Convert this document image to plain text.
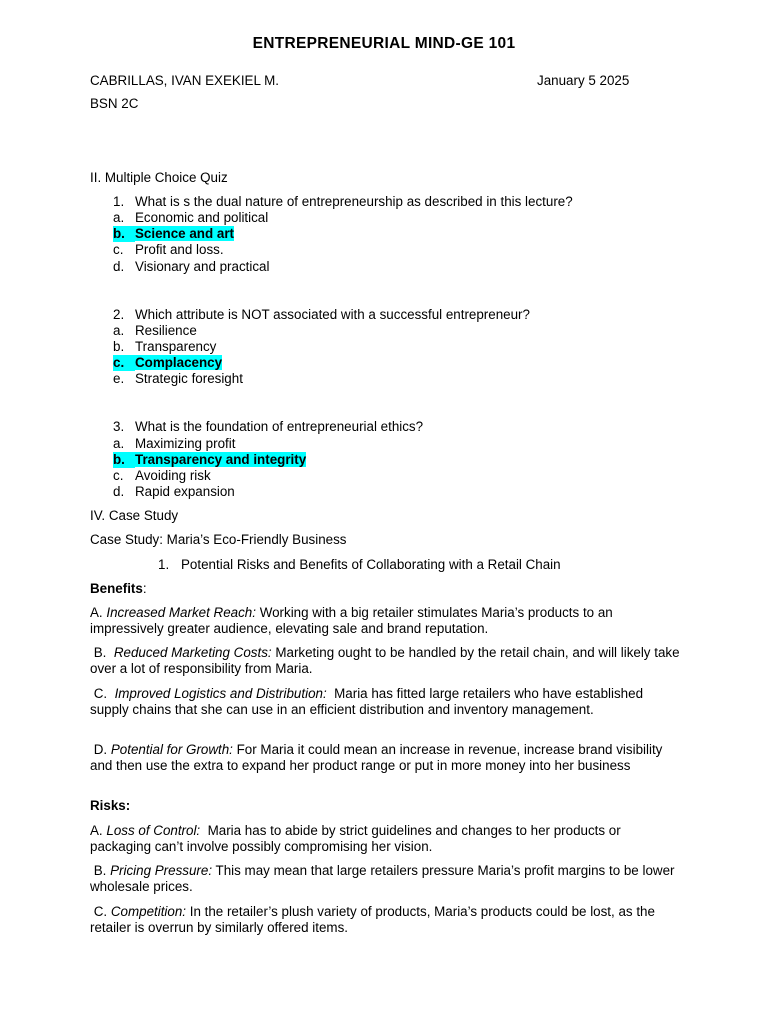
ENTREPRENEURIAL MIND-GE 101
CABRILLAS, IVAN EXEKIEL M.	January 5 2025
BSN 2C
II. Multiple Choice Quiz
1. What is s the dual nature of entrepreneurship as described in this lecture?
a. Economic and political
b. Science and art
c. Profit and loss.
d. Visionary and practical
2. Which attribute is NOT associated with a successful entrepreneur?
a. Resilience
b. Transparency
c. Complacency
e. Strategic foresight
3. What is the foundation of entrepreneurial ethics?
a. Maximizing profit
b. Transparency and integrity
c. Avoiding risk
d. Rapid expansion
IV. Case Study
Case Study: Maria’s Eco-Friendly Business
1. Potential Risks and Benefits of Collaborating with a Retail Chain
Benefits:
A. Increased Market Reach: Working with a big retailer stimulates Maria’s products to an impressively greater audience, elevating sale and brand reputation.
B.  Reduced Marketing Costs: Marketing ought to be handled by the retail chain, and will likely take over a lot of responsibility from Maria.
C.  Improved Logistics and Distribution:  Maria has fitted large retailers who have established supply chains that she can use in an efficient distribution and inventory management.
D. Potential for Growth: For Maria it could mean an increase in revenue, increase brand visibility and then use the extra to expand her product range or put in more money into her business
Risks:
A. Loss of Control:  Maria has to abide by strict guidelines and changes to her products or packaging can’t involve possibly compromising her vision.
B. Pricing Pressure: This may mean that large retailers pressure Maria’s profit margins to be lower wholesale prices.
C. Competition: In the retailer’s plush variety of products, Maria’s products could be lost, as the retailer is overrun by similarly offered items.
